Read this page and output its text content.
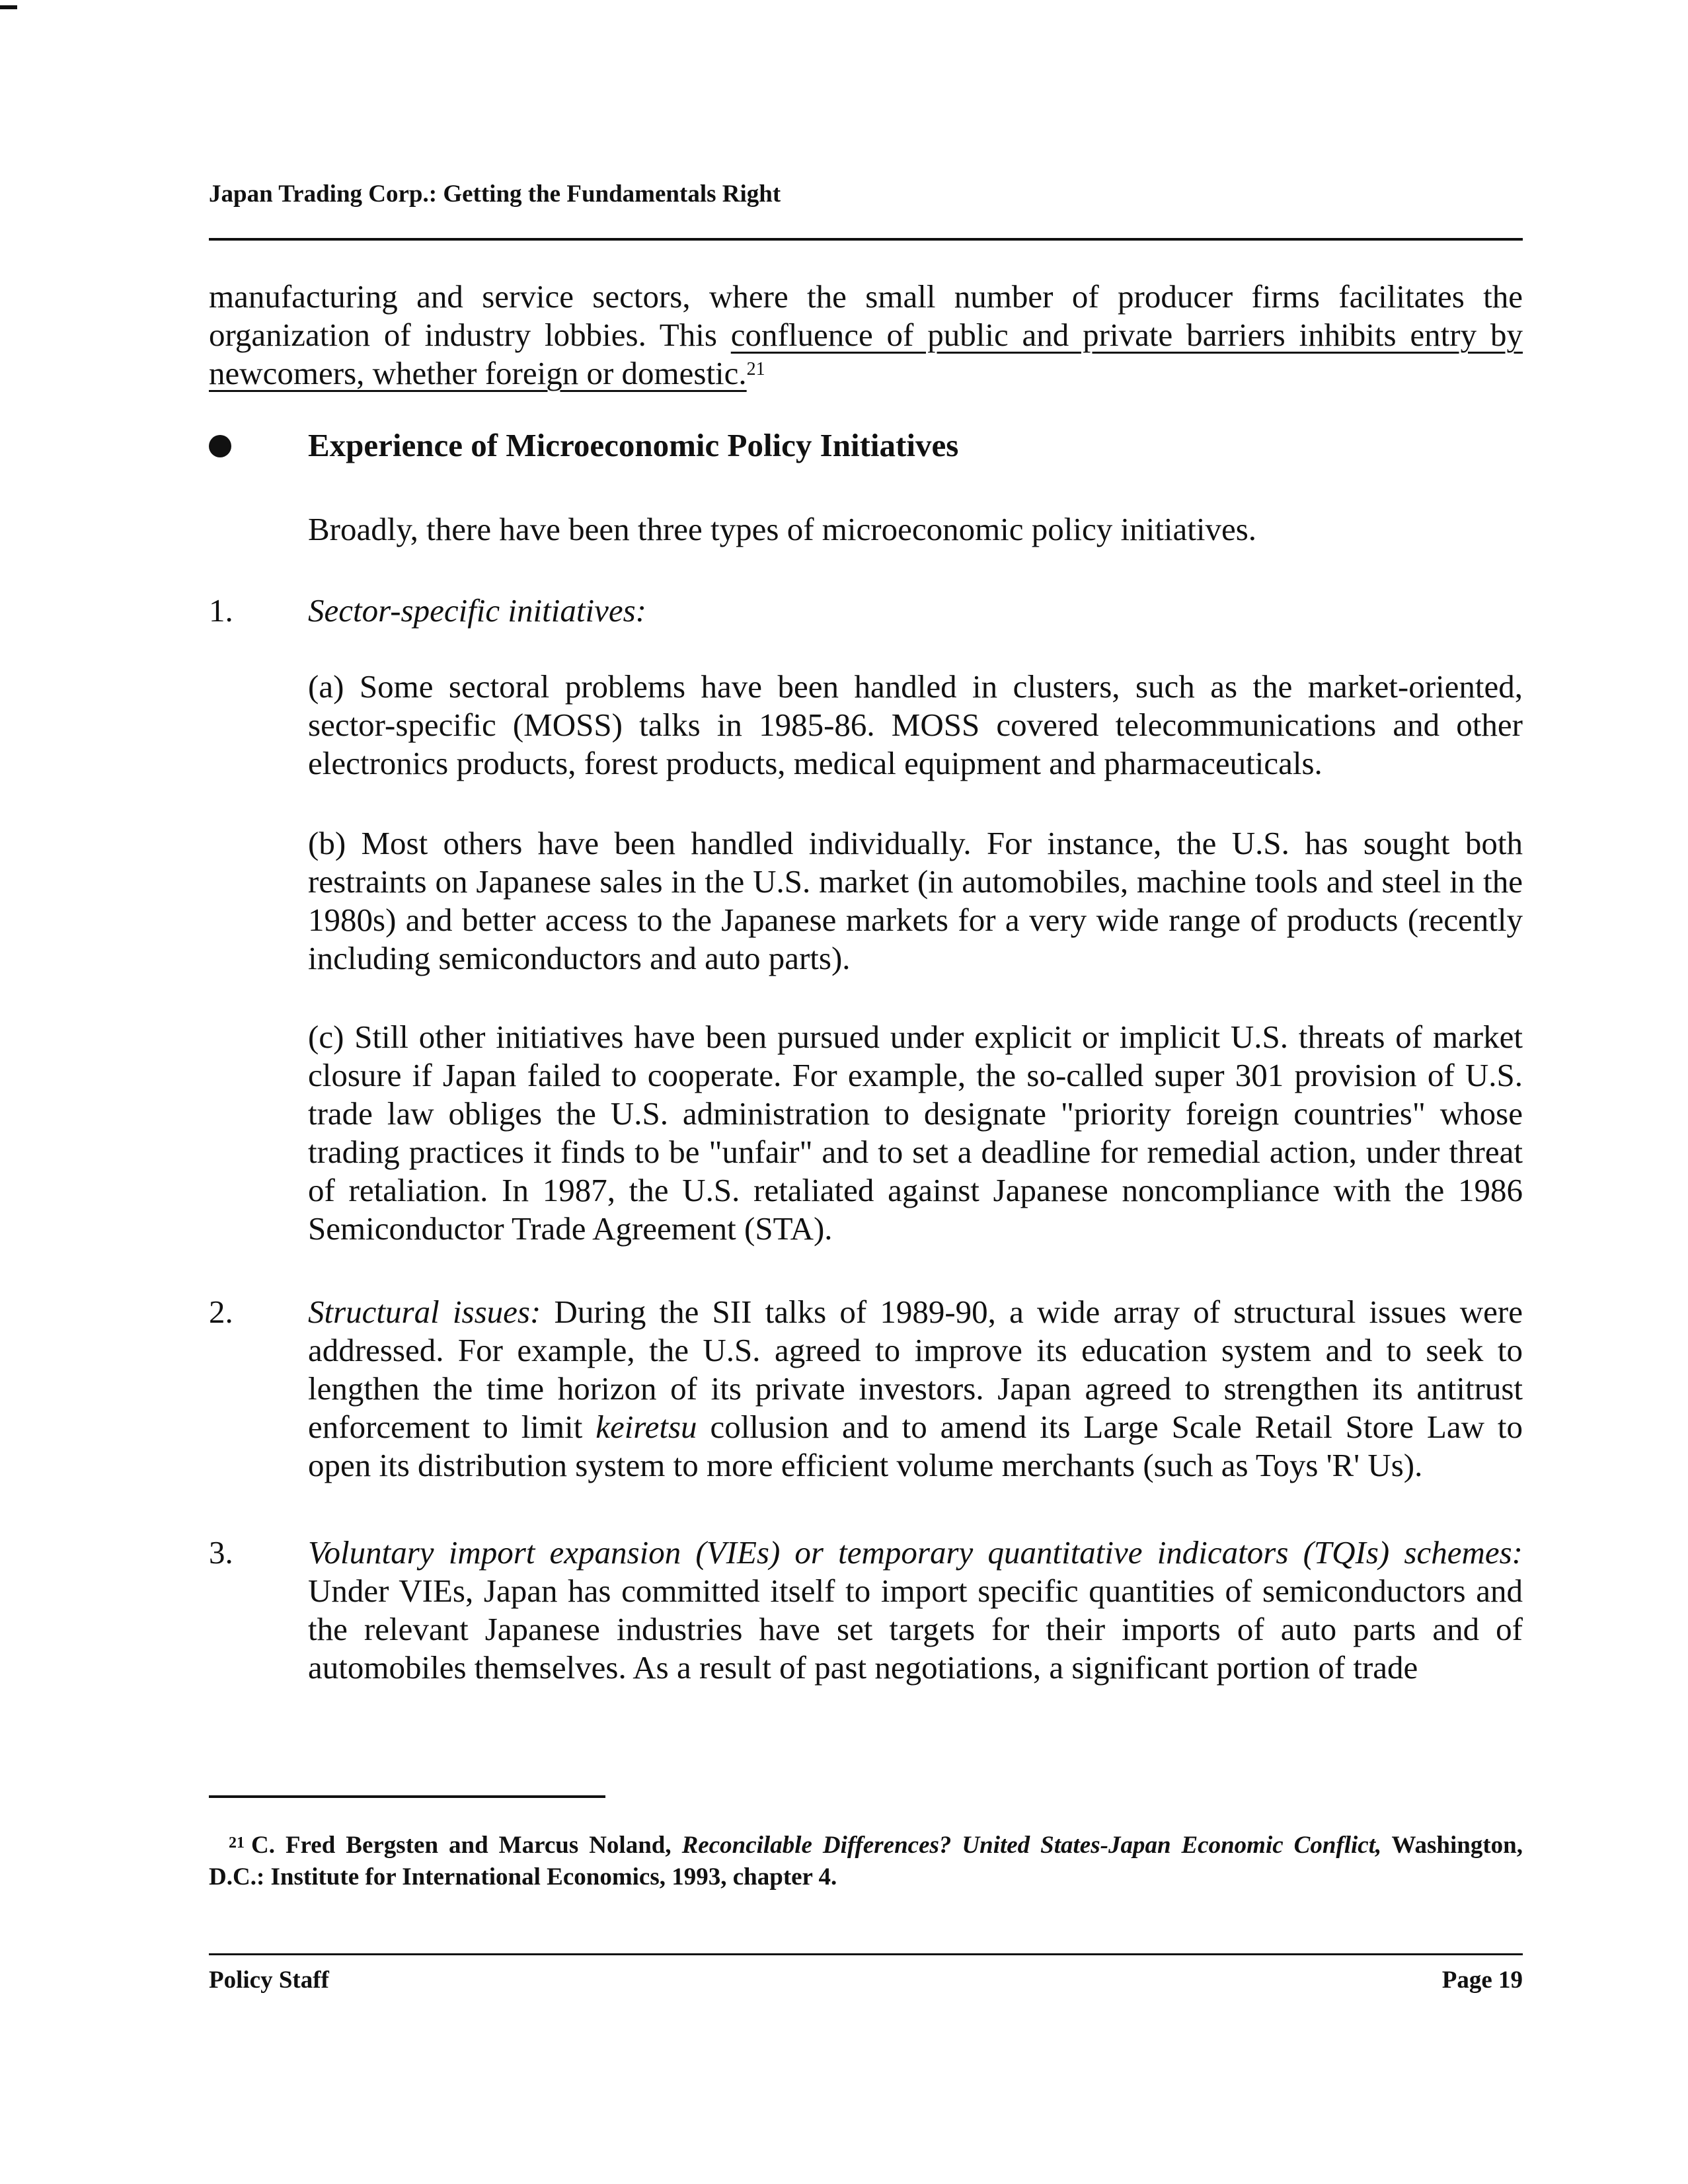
Japan Trading Corp.: Getting the Fundamentals Right
manufacturing and service sectors, where the small number of producer firms facilitates the organization of industry lobbies. This confluence of public and private barriers inhibits entry by newcomers, whether foreign or domestic.$^{21}$
Experience of Microeconomic Policy Initiatives
Broadly, there have been three types of microeconomic policy initiatives.
1. Sector-specific initiatives:
(a) Some sectoral problems have been handled in clusters, such as the market-oriented, sector-specific (MOSS) talks in 1985-86. MOSS covered telecommunications and other electronics products, forest products, medical equipment and pharmaceuticals.
(b) Most others have been handled individually. For instance, the U.S. has sought both restraints on Japanese sales in the U.S. market (in automobiles, machine tools and steel in the 1980s) and better access to the Japanese markets for a very wide range of products (recently including semiconductors and auto parts).
(c) Still other initiatives have been pursued under explicit or implicit U.S. threats of market closure if Japan failed to cooperate. For example, the so-called super 301 provision of U.S. trade law obliges the U.S. administration to designate "priority foreign countries" whose trading practices it finds to be "unfair" and to set a deadline for remedial action, under threat of retaliation. In 1987, the U.S. retaliated against Japanese noncompliance with the 1986 Semiconductor Trade Agreement (STA).
2. Structural issues: During the SII talks of 1989-90, a wide array of structural issues were addressed. For example, the U.S. agreed to improve its education system and to seek to lengthen the time horizon of its private investors. Japan agreed to strengthen its antitrust enforcement to limit keiretsu collusion and to amend its Large Scale Retail Store Law to open its distribution system to more efficient volume merchants (such as Toys 'R' Us).
3. Voluntary import expansion (VIEs) or temporary quantitative indicators (TQIs) schemes: Under VIEs, Japan has committed itself to import specific quantities of semiconductors and the relevant Japanese industries have set targets for their imports of auto parts and of automobiles themselves. As a result of past negotiations, a significant portion of trade
$^{21}$ C. Fred Bergsten and Marcus Noland, Reconcilable Differences? United States-Japan Economic Conflict, Washington, D.C.: Institute for International Economics, 1993, chapter 4.
Policy Staff	Page 19
